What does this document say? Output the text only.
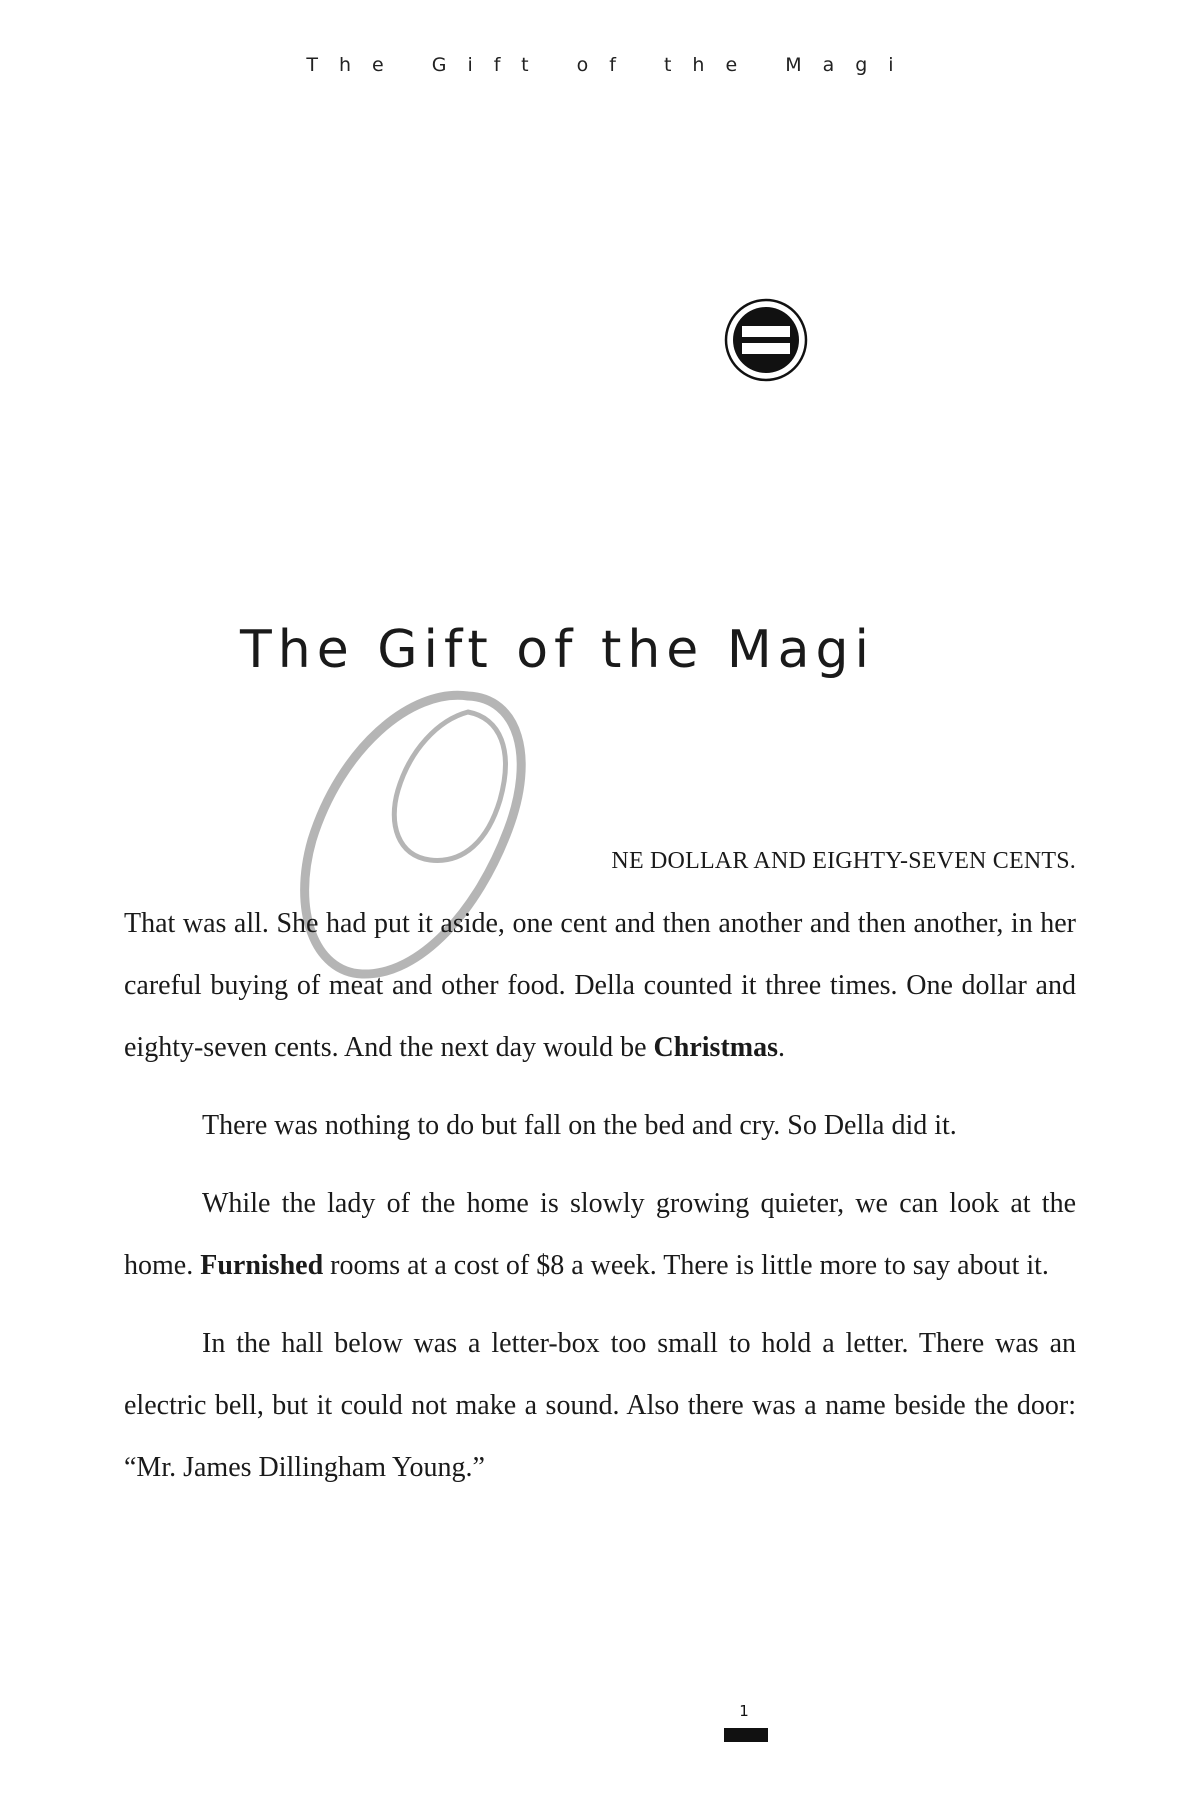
The Gift of the Magi
The Gift of the Magi
NE DOLLAR AND EIGHTY-SEVEN CENTS.

That was all. She had put it aside, one cent and then another and then another, in her careful buying of meat and other food. Della counted it three times. One dollar and eighty-seven cents. And the next day would be Christmas.

There was nothing to do but fall on the bed and cry. So Della did it.

While the lady of the home is slowly growing quieter, we can look at the home. Furnished rooms at a cost of $8 a week. There is little more to say about it.

In the hall below was a letter-box too small to hold a letter. There was an electric bell, but it could not make a sound. Also there was a name beside the door: “Mr. James Dillingham Young.”

1
